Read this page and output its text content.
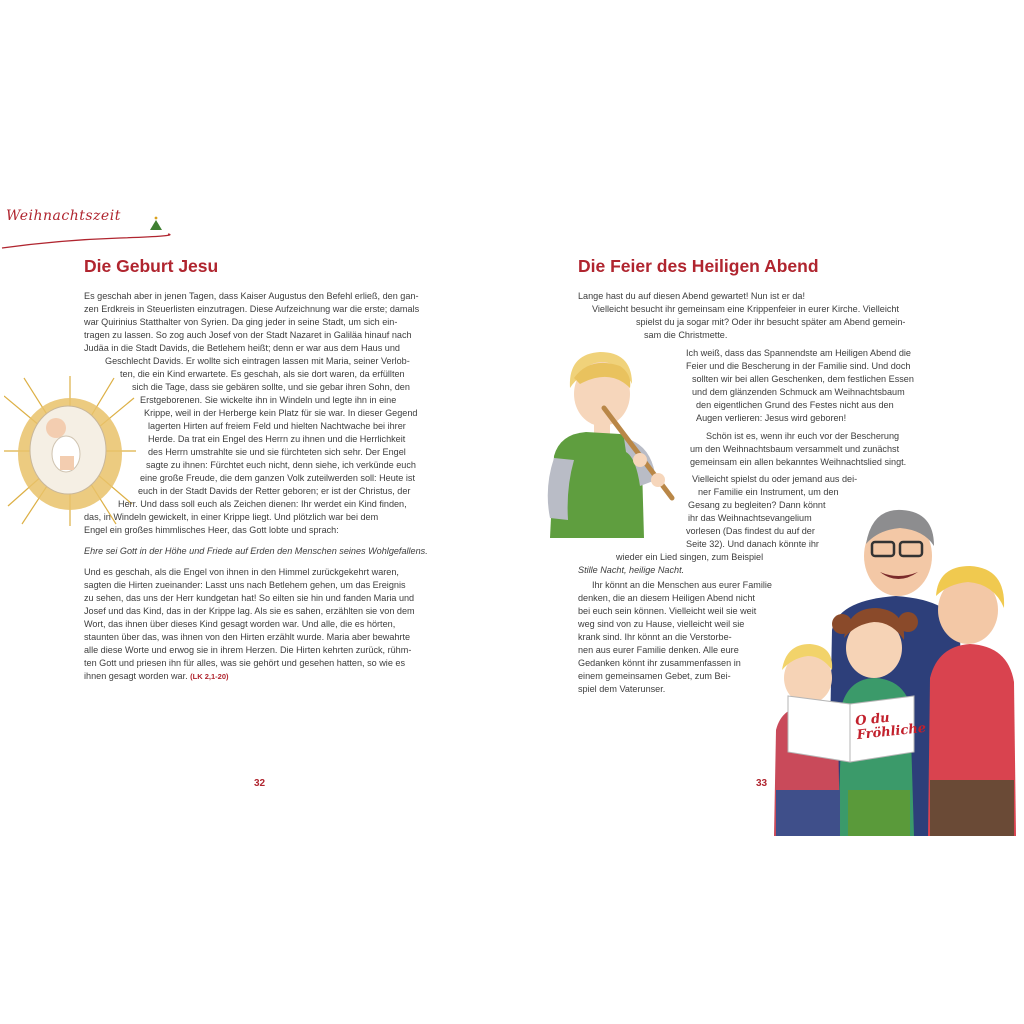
Weihnachtszeit
Die Geburt Jesu
Es geschah aber in jenen Tagen, dass Kaiser Augustus den Befehl erließ, den gan-
zen Erdkreis in Steuerlisten einzutragen. Diese Aufzeichnung war die erste; damals
war Quirinius Statthalter von Syrien. Da ging jeder in seine Stadt, um sich ein-
tragen zu lassen. So zog auch Josef von der Stadt Nazaret in Galiläa hinauf nach
Judäa in die Stadt Davids, die Betlehem heißt; denn er war aus dem Haus und
Geschlecht Davids. Er wollte sich eintragen lassen mit Maria, seiner Verlob-
ten, die ein Kind erwartete. Es geschah, als sie dort waren, da erfüllten
sich die Tage, dass sie gebären sollte, und sie gebar ihren Sohn, den
Erstgeborenen. Sie wickelte ihn in Windeln und legte ihn in eine
Krippe, weil in der Herberge kein Platz für sie war. In dieser Gegend
lagerten Hirten auf freiem Feld und hielten Nachtwache bei ihrer
Herde. Da trat ein Engel des Herrn zu ihnen und die Herrlichkeit
des Herrn umstrahlte sie und sie fürchteten sich sehr. Der Engel
sagte zu ihnen: Fürchtet euch nicht, denn siehe, ich verkünde euch
eine große Freude, die dem ganzen Volk zuteilwerden soll: Heute ist
euch in der Stadt Davids der Retter geboren; er ist der Christus, der
Herr. Und dass soll euch als Zeichen dienen: Ihr werdet ein Kind finden,
das, in Windeln gewickelt, in einer Krippe liegt. Und plötzlich war bei dem
Engel ein großes himmlisches Heer, das Gott lobte und sprach:
Ehre sei Gott in der Höhe und Friede auf Erden den Menschen seines Wohlgefallens.
Und es geschah, als die Engel von ihnen in den Himmel zurückgekehrt waren,
sagten die Hirten zueinander: Lasst uns nach Betlehem gehen, um das Ereignis
zu sehen, das uns der Herr kundgetan hat! So eilten sie hin und fanden Maria und
Josef und das Kind, das in der Krippe lag. Als sie es sahen, erzählten sie von dem
Wort, das ihnen über dieses Kind gesagt worden war. Und alle, die es hörten,
staunten über das, was ihnen von den Hirten erzählt wurde. Maria aber bewahrte
alle diese Worte und erwog sie in ihrem Herzen. Die Hirten kehrten zurück, rühm-
ten Gott und priesen ihn für alles, was sie gehört und gesehen hatten, so wie es
ihnen gesagt worden war. (LK 2,1-20)
32
Die Feier des Heiligen Abend
Lange hast du auf diesen Abend gewartet! Nun ist er da!
Vielleicht besucht ihr gemeinsam eine Krippenfeier in eurer Kirche. Vielleicht
spielst du ja sogar mit? Oder ihr besucht später am Abend gemein-
sam die Christmette.
Ich weiß, dass das Spannendste am Heiligen Abend die
Feier und die Bescherung in der Familie sind. Und doch
sollten wir bei allen Geschenken, dem festlichen Essen
und dem glänzenden Schmuck am Weihnachtsbaum
den eigentlichen Grund des Festes nicht aus den
Augen verlieren: Jesus wird geboren!
Schön ist es, wenn ihr euch vor der Bescherung
um den Weihnachtsbaum versammelt und zunächst
gemeinsam ein allen bekanntes Weihnachtslied singt.
Vielleicht spielst du oder jemand aus dei-
ner Familie ein Instrument, um den
Gesang zu begleiten? Dann könnt
ihr das Weihnachtsevangelium
vorlesen (Das findest du auf der
Seite 32). Und danach könnte ihr
wieder ein Lied singen, zum Beispiel
Stille Nacht, heilige Nacht.
Ihr könnt an die Menschen aus eurer Familie
denken, die an diesem Heiligen Abend nicht
bei euch sein können. Vielleicht weil sie weit
weg sind von zu Hause, vielleicht weil sie
krank sind. Ihr könnt an die Verstorbe-
nen aus eurer Familie denken. Alle eure
Gedanken könnt ihr zusammenfassen in
einem gemeinsamen Gebet, zum Bei-
spiel dem Vaterunser.
O du Fröhliche
33
